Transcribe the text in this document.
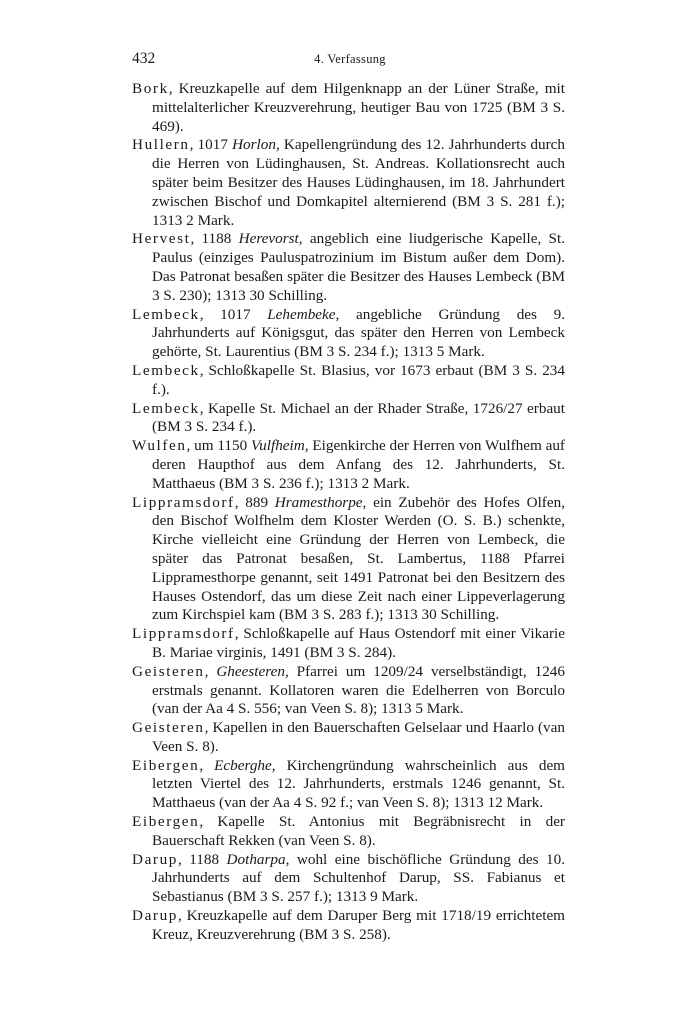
432	4. Verfassung

Bork, Kreuzkapelle auf dem Hilgenknapp an der Lüner Straße, mit mittelalterlicher Kreuzverehrung, heutiger Bau von 1725 (BM 3 S. 469).

Hullern, 1017 Horlon, Kapellengründung des 12. Jahrhunderts durch die Herren von Lüdinghausen, St. Andreas. Kollationsrecht auch später beim Besitzer des Hauses Lüdinghausen, im 18. Jahrhundert zwischen Bischof und Domkapitel alternierend (BM 3 S. 281 f.); 1313 2 Mark.

Hervest, 1188 Herevorst, angeblich eine liudgerische Kapelle, St. Paulus (einziges Pauluspatrozinium im Bistum außer dem Dom). Das Patronat besaßen später die Besitzer des Hauses Lembeck (BM 3 S. 230); 1313 30 Schilling.

Lembeck, 1017 Lehembeke, angebliche Gründung des 9. Jahrhunderts auf Königsgut, das später den Herren von Lembeck gehörte, St. Laurentius (BM 3 S. 234 f.); 1313 5 Mark.

Lembeck, Schloßkapelle St. Blasius, vor 1673 erbaut (BM 3 S. 234 f.).

Lembeck, Kapelle St. Michael an der Rhader Straße, 1726/27 erbaut (BM 3 S. 234 f.).

Wulfen, um 1150 Vulfheim, Eigenkirche der Herren von Wulfhem auf deren Haupthof aus dem Anfang des 12. Jahrhunderts, St. Matthaeus (BM 3 S. 236 f.); 1313 2 Mark.

Lippramsdorf, 889 Hramesthorpe, ein Zubehör des Hofes Olfen, den Bischof Wolfhelm dem Kloster Werden (O. S. B.) schenkte, Kirche vielleicht eine Gründung der Herren von Lembeck, die später das Patronat besaßen, St. Lambertus, 1188 Pfarrei Lippramesthorpe genannt, seit 1491 Patronat bei den Besitzern des Hauses Ostendorf, das um diese Zeit nach einer Lippeverlagerung zum Kirchspiel kam (BM 3 S. 283 f.); 1313 30 Schilling.

Lippramsdorf, Schloßkapelle auf Haus Ostendorf mit einer Vikarie B. Mariae virginis, 1491 (BM 3 S. 284).

Geisteren, Gheesteren, Pfarrei um 1209/24 verselbständigt, 1246 erstmals genannt. Kollatoren waren die Edelherren von Borculo (van der Aa 4 S. 556; van Veen S. 8); 1313 5 Mark.

Geisteren, Kapellen in den Bauerschaften Gelselaar und Haarlo (van Veen S. 8).

Eibergen, Ecberghe, Kirchengründung wahrscheinlich aus dem letzten Viertel des 12. Jahrhunderts, erstmals 1246 genannt, St. Matthaeus (van der Aa 4 S. 92 f.; van Veen S. 8); 1313 12 Mark.

Eibergen, Kapelle St. Antonius mit Begräbnisrecht in der Bauerschaft Rekken (van Veen S. 8).

Darup, 1188 Dotharpa, wohl eine bischöfliche Gründung des 10. Jahrhunderts auf dem Schultenhof Darup, SS. Fabianus et Sebastianus (BM 3 S. 257 f.); 1313 9 Mark.

Darup, Kreuzkapelle auf dem Daruper Berg mit 1718/19 errichtetem Kreuz, Kreuzverehrung (BM 3 S. 258).
